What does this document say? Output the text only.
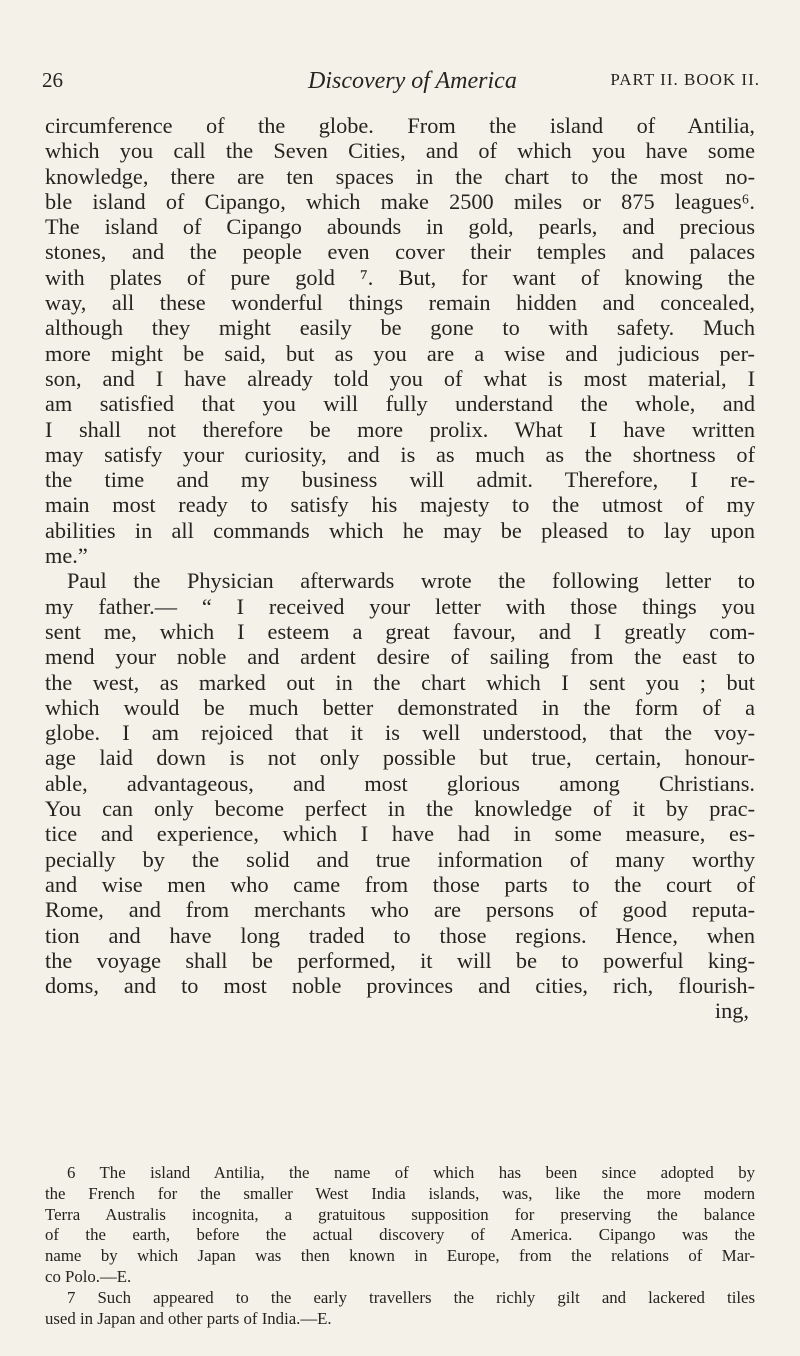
26	Discovery of America	PART II. BOOK II.
circumference of the globe. From the island of Antilia,
which you call the Seven Cities, and of which you have some
knowledge, there are ten spaces in the chart to the most no-
ble island of Cipango, which make 2500 miles or 875 leagues⁶.
The island of Cipango abounds in gold, pearls, and precious
stones, and the people even cover their temples and palaces
with plates of pure gold ⁷. But, for want of knowing the
way, all these wonderful things remain hidden and concealed,
although they might easily be gone to with safety. Much
more might be said, but as you are a wise and judicious per-
son, and I have already told you of what is most material, I
am satisfied that you will fully understand the whole, and
I shall not therefore be more prolix. What I have written
may satisfy your curiosity, and is as much as the shortness of
the time and my business will admit. Therefore, I re-
main most ready to satisfy his majesty to the utmost of my
abilities in all commands which he may be pleased to lay upon
me.”
Paul the Physician afterwards wrote the following letter to
my father.— “ I received your letter with those things you
sent me, which I esteem a great favour, and I greatly com-
mend your noble and ardent desire of sailing from the east to
the west, as marked out in the chart which I sent you ; but
which would be much better demonstrated in the form of a
globe. I am rejoiced that it is well understood, that the voy-
age laid down is not only possible but true, certain, honour-
able, advantageous, and most glorious among Christians.
You can only become perfect in the knowledge of it by prac-
tice and experience, which I have had in some measure, es-
pecially by the solid and true information of many worthy
and wise men who came from those parts to the court of
Rome, and from merchants who are persons of good reputa-
tion and have long traded to those regions. Hence, when
the voyage shall be performed, it will be to powerful king-
doms, and to most noble provinces and cities, rich, flourish-
ing,
6 The island Antilia, the name of which has been since adopted by
the French for the smaller West India islands, was, like the more modern
Terra Australis incognita, a gratuitous supposition for preserving the balance
of the earth, before the actual discovery of America. Cipango was the
name by which Japan was then known in Europe, from the relations of Mar-
co Polo.—E.
7 Such appeared to the early travellers the richly gilt and lackered tiles
used in Japan and other parts of India.—E.
